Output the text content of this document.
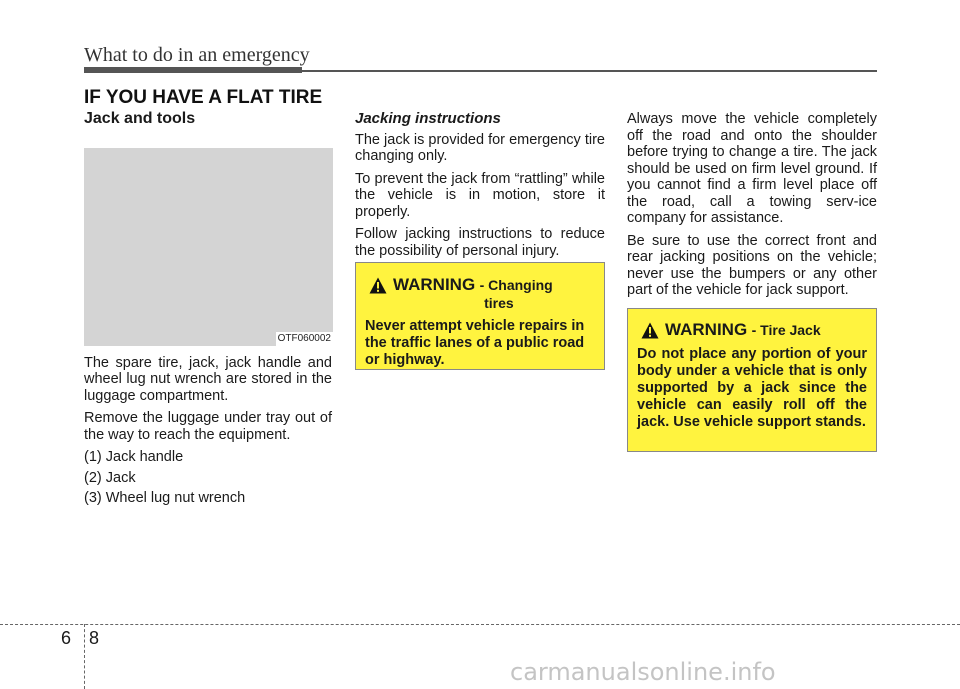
What to do in an emergency
IF YOU HAVE A FLAT TIRE
Jack and tools
OTF060002

The spare tire, jack, jack handle and wheel lug nut wrench are stored in the luggage compartment.

Remove the luggage under tray out of the way to reach the equipment.

(1) Jack handle
(2) Jack
(3) Wheel lug nut wrench
Jacking instructions

The jack is provided for emergency tire changing only.

To prevent the jack from “rattling” while the vehicle is in motion, store it properly.

Follow jacking instructions to reduce the possibility of personal injury.

WARNING - Changing
tires
Never attempt vehicle repairs in the traffic lanes of a public road or highway.

Always move the vehicle completely off the road and onto the shoulder before trying to change a tire. The jack should be used on firm level ground. If you cannot find a firm level place off the road, call a towing serv-ice company for assistance.

Be sure to use the correct front and rear jacking positions on the vehicle; never use the bumpers or any other part of the vehicle for jack support.

WARNING - Tire Jack
Do not place any portion of your body under a vehicle that is only supported by a jack since the vehicle can easily roll off the jack. Use vehicle support stands.
6 8
carmanualsonline.info
